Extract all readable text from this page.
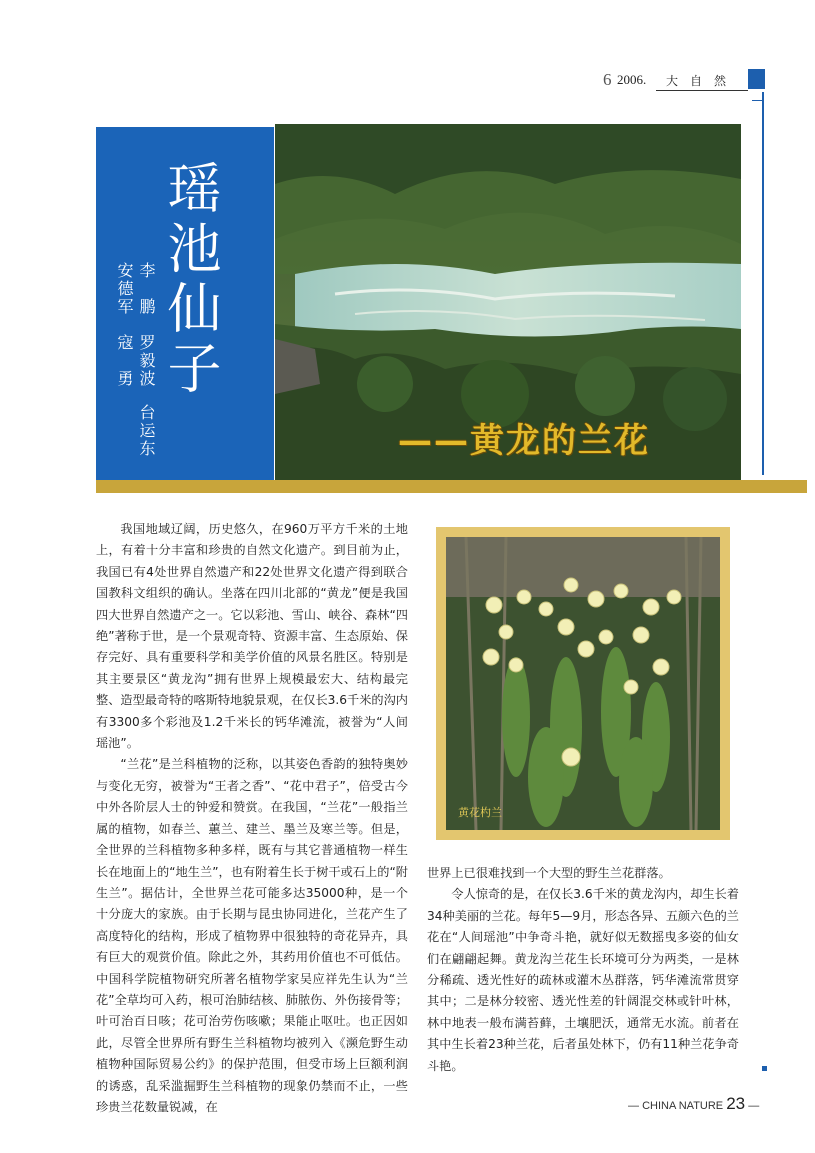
6 2006. 大自然
瑶池仙子
安德军
寇　勇
李　鹏
罗毅波
台运东	——黄龙的兰花

我国地域辽阔，历史悠久，在960万平方千米的土地上，有着十分丰富和珍贵的自然文化遗产。到目前为止，我国已有4处世界自然遗产和22处世界文化遗产得到联合国教科文组织的确认。坐落在四川北部的“黄龙”便是我国四大世界自然遗产之一。它以彩池、雪山、峡谷、森林“四绝”著称于世，是一个景观奇特、资源丰富、生态原始、保存完好、具有重要科学和美学价值的风景名胜区。特别是其主要景区“黄龙沟”拥有世界上规模最宏大、结构最完整、造型最奇特的喀斯特地貌景观，在仅长3.6千米的沟内有3300多个彩池及1.2千米长的钙华滩流，被誉为“人间瑶池”。

“兰花”是兰科植物的泛称，以其姿色香韵的独特奥妙与变化无穷，被誉为“王者之香”、“花中君子”，倍受古今中外各阶层人士的钟爱和赞赏。在我国，“兰花”一般指兰属的植物，如春兰、蕙兰、建兰、墨兰及寒兰等。但是，全世界的兰科植物多种多样，既有与其它普通植物一样生长在地面上的“地生兰”，也有附着生长于树干或石上的“附生兰”。据估计，全世界兰花可能多达35000种，是一个十分庞大的家族。由于长期与昆虫协同进化，兰花产生了高度特化的结构，形成了植物界中很独特的奇花异卉，具有巨大的观赏价值。除此之外，其药用价值也不可低估。中国科学院植物研究所著名植物学家吴应祥先生认为“兰花”全草均可入药，根可治肺结核、肺脓伤、外伤接骨等；叶可治百日咳；花可治劳伤咳嗽；果能止呕吐。也正因如此，尽管全世界所有野生兰科植物均被列入《濒危野生动植物种国际贸易公约》的保护范围，但受市场上巨额利润的诱惑，乱采滥掘野生兰科植物的现象仍禁而不止，一些珍贵兰花数量锐减，在

黄花杓兰

世界上已很难找到一个大型的野生兰花群落。

令人惊奇的是，在仅长3.6千米的黄龙沟内，却生长着34种美丽的兰花。每年5—9月，形态各异、五颜六色的兰花在“人间瑶池”中争奇斗艳，就好似无数摇曳多姿的仙女们在翩翩起舞。黄龙沟兰花生长环境可分为两类，一是林分稀疏、透光性好的疏林或灌木丛群落，钙华滩流常贯穿其中；二是林分较密、透光性差的针阔混交林或针叶林，林中地表一般布满苔藓，土壤肥沃，通常无水流。前者在其中生长着23种兰花，后者虽处林下，仍有11种兰花争奇斗艳。

— CHINA NATURE 23 —
